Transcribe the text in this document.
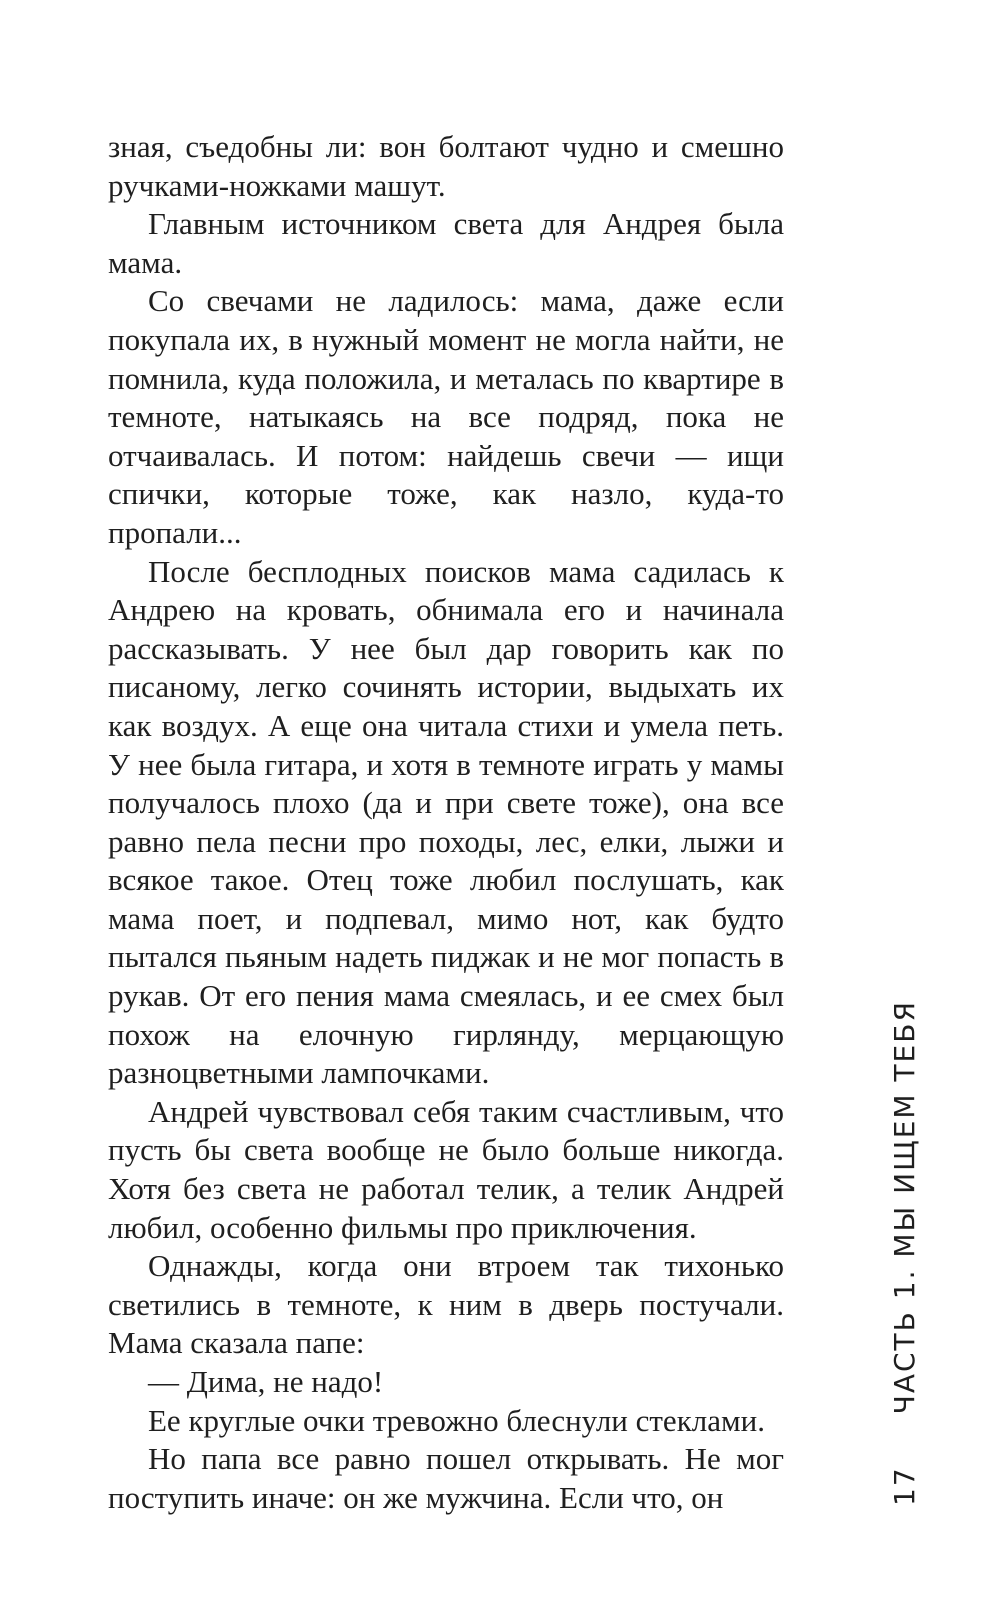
зная, съедобны ли: вон болтают чудно и смешно ручками-ножками машут.

Главным источником света для Андрея была мама.

Со свечами не ладилось: мама, даже если покупала их, в нужный момент не могла найти, не помнила, куда положила, и металась по квартире в темноте, натыкаясь на все подряд, пока не отчаивалась. И потом: найдешь свечи — ищи спички, которые тоже, как назло, куда-то пропали...

После бесплодных поисков мама садилась к Андрею на кровать, обнимала его и начинала рассказывать. У нее был дар говорить как по писаному, легко сочинять истории, выдыхать их как воздух. А еще она читала стихи и умела петь. У нее была гитара, и хотя в темноте играть у мамы получалось плохо (да и при свете тоже), она все равно пела песни про походы, лес, елки, лыжи и всякое такое. Отец тоже любил послушать, как мама поет, и подпевал, мимо нот, как будто пытался пьяным надеть пиджак и не мог попасть в рукав. От его пения мама смеялась, и ее смех был похож на елочную гирлянду, мерцающую разноцветными лампочками.

Андрей чувствовал себя таким счастливым, что пусть бы света вообще не было больше никогда. Хотя без света не работал телик, а телик Андрей любил, особенно фильмы про приключения.

Однажды, когда они втроем так тихонько светились в темноте, к ним в дверь постучали. Мама сказала папе:

— Дима, не надо!

Ее круглые очки тревожно блеснули стеклами.

Но папа все равно пошел открывать. Не мог поступить иначе: он же мужчина. Если что, он	17ЧАСТЬ 1. МЫ ИЩЕМ ТЕБЯ
